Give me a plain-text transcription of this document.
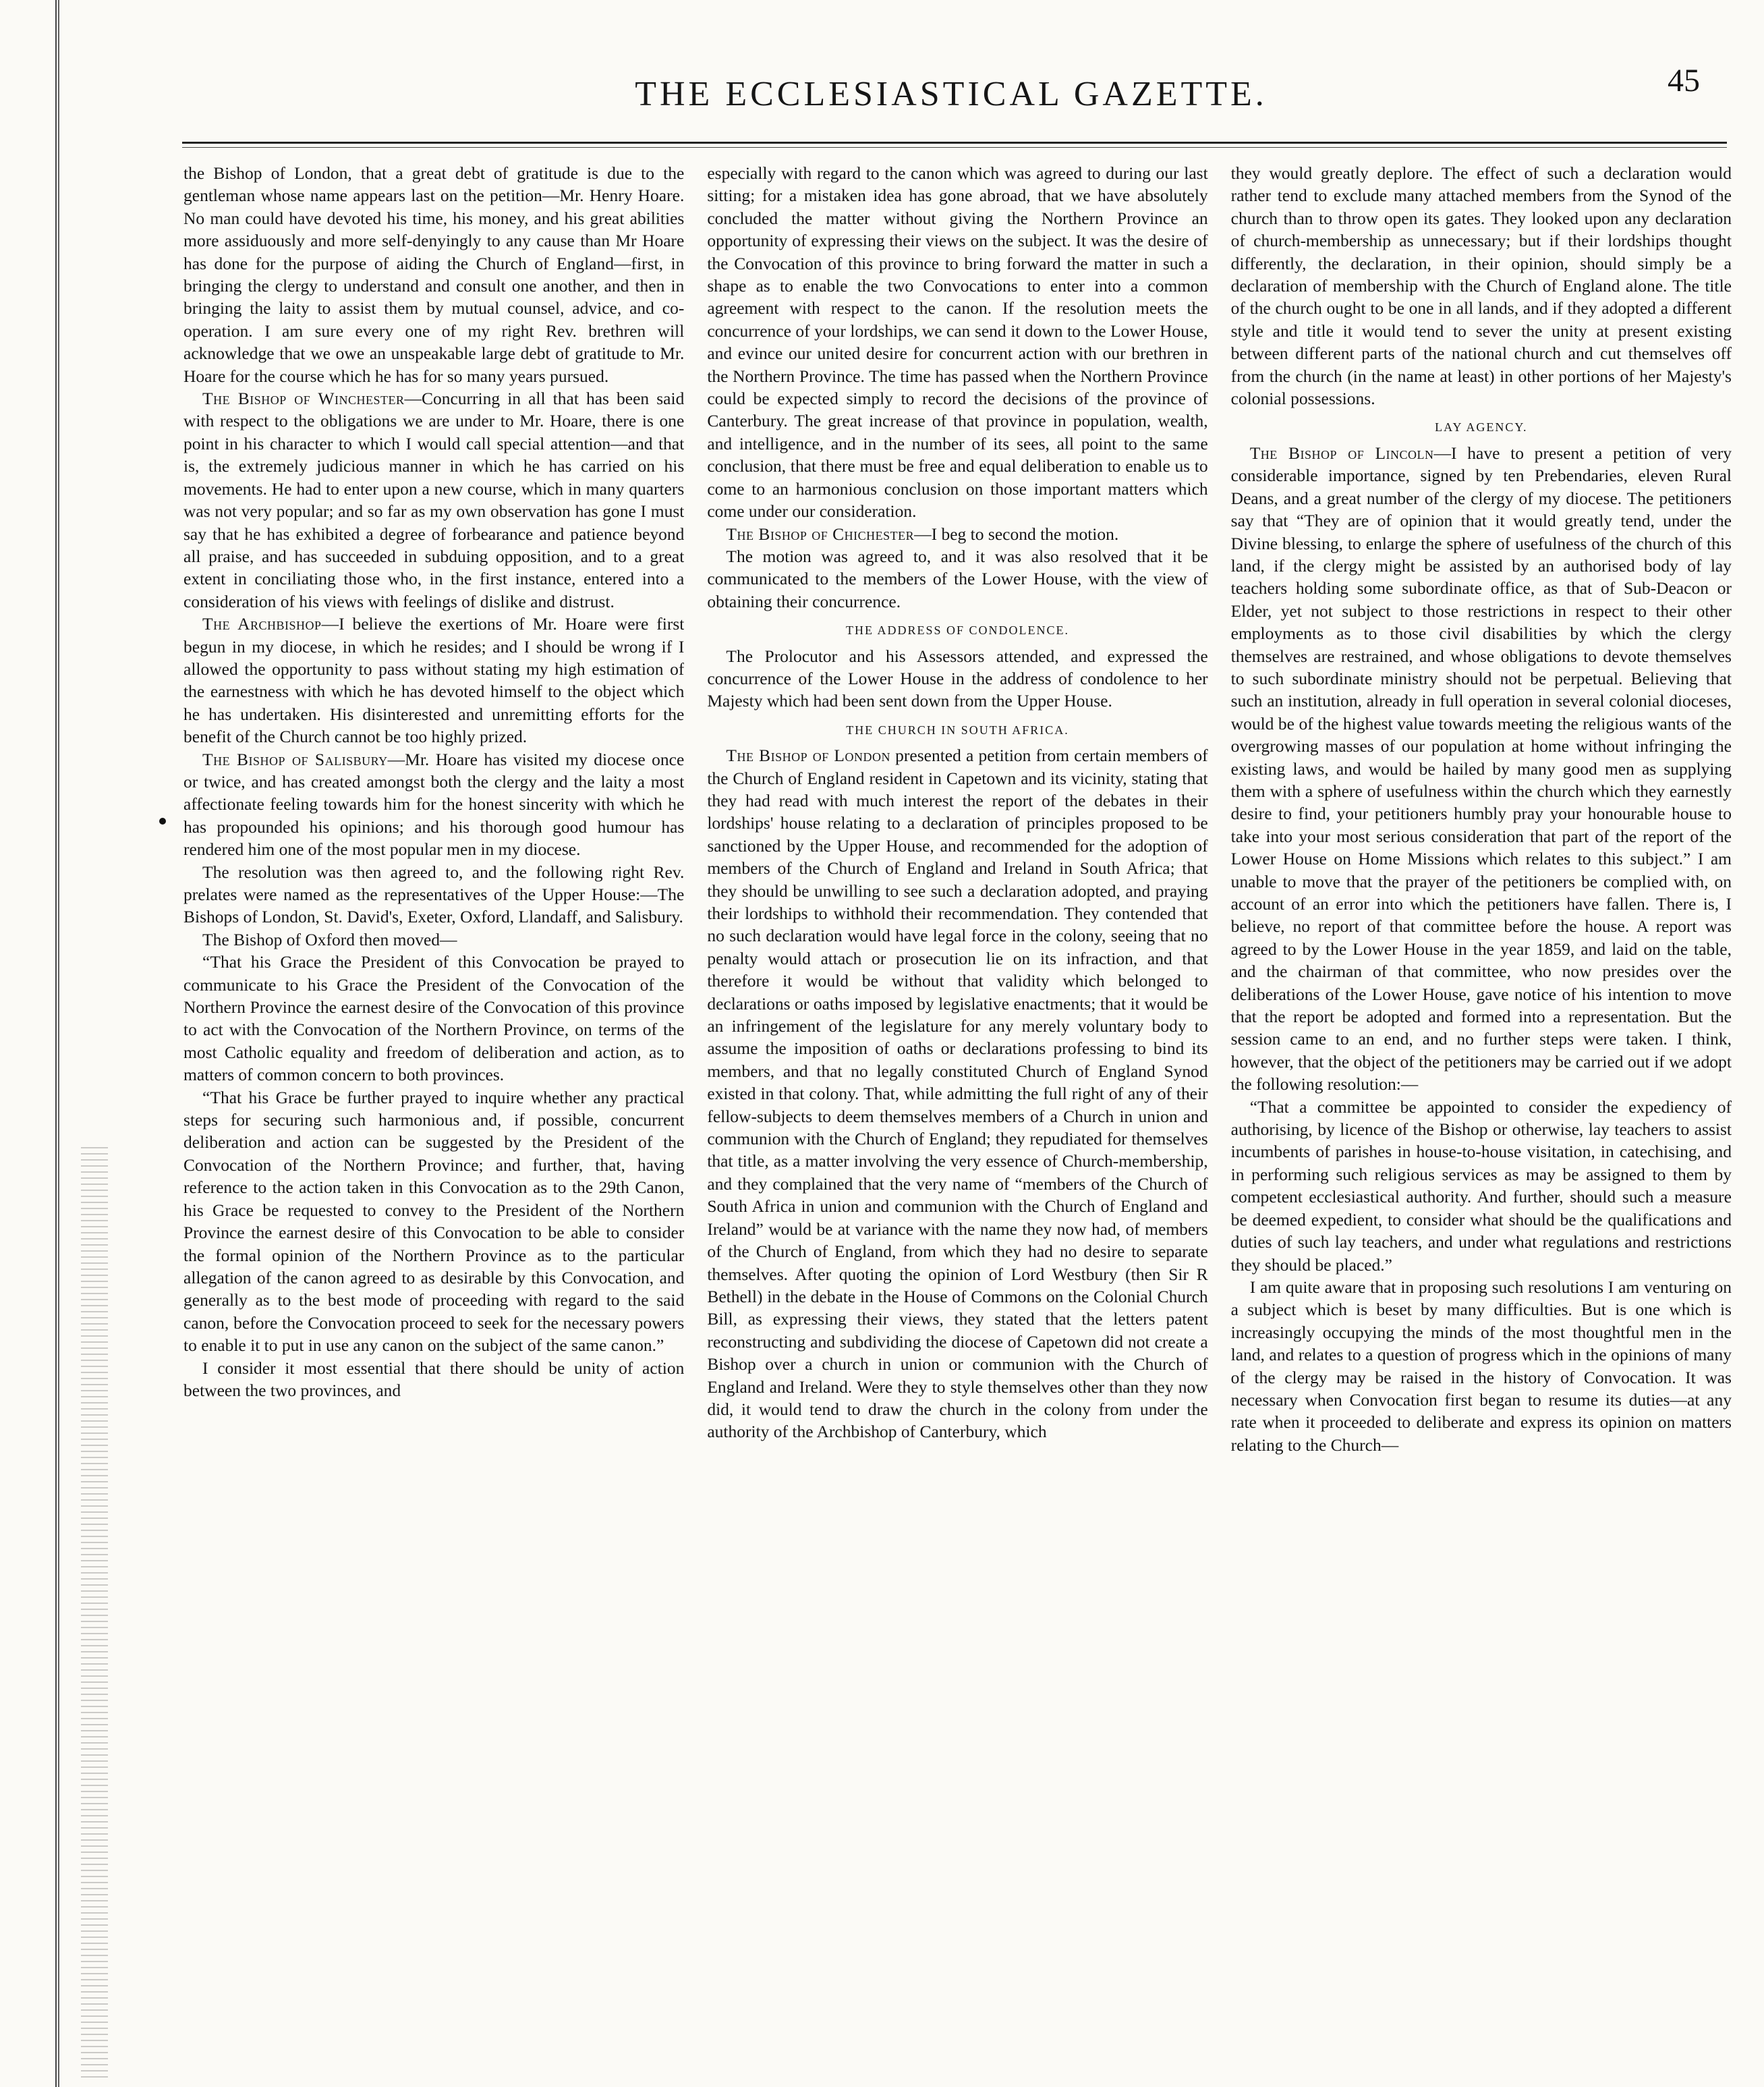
THE ECCLESIASTICAL GAZETTE.	45

the Bishop of London, that a great debt of gratitude is due to the gentleman whose name appears last on the petition—Mr. Henry Hoare. No man could have devoted his time, his money, and his great abilities more assiduously and more self-denyingly to any cause than Mr Hoare has done for the purpose of aiding the Church of England—first, in bringing the clergy to understand and consult one another, and then in bringing the laity to assist them by mutual counsel, advice, and co-operation. I am sure every one of my right Rev. brethren will acknowledge that we owe an unspeakable large debt of gratitude to Mr. Hoare for the course which he has for so many years pursued.

The Bishop of Winchester—Concurring in all that has been said with respect to the obligations we are under to Mr. Hoare, there is one point in his character to which I would call special attention—and that is, the extremely judicious manner in which he has carried on his movements. He had to enter upon a new course, which in many quarters was not very popular; and so far as my own observation has gone I must say that he has exhibited a degree of forbearance and patience beyond all praise, and has succeeded in subduing opposition, and to a great extent in conciliating those who, in the first instance, entered into a consideration of his views with feelings of dislike and distrust.

The Archbishop—I believe the exertions of Mr. Hoare were first begun in my diocese, in which he resides; and I should be wrong if I allowed the opportunity to pass without stating my high estimation of the earnestness with which he has devoted himself to the object which he has undertaken. His disinterested and unremitting efforts for the benefit of the Church cannot be too highly prized.

The Bishop of Salisbury—Mr. Hoare has visited my diocese once or twice, and has created amongst both the clergy and the laity a most affectionate feeling towards him for the honest sincerity with which he has propounded his opinions; and his thorough good humour has rendered him one of the most popular men in my diocese.

The resolution was then agreed to, and the following right Rev. prelates were named as the representatives of the Upper House:—The Bishops of London, St. David's, Exeter, Oxford, Llandaff, and Salisbury.

The Bishop of Oxford then moved—

“That his Grace the President of this Convocation be prayed to communicate to his Grace the President of the Convocation of the Northern Province the earnest desire of the Convocation of this province to act with the Convocation of the Northern Province, on terms of the most Catholic equality and freedom of deliberation and action, as to matters of common concern to both provinces.

“That his Grace be further prayed to inquire whether any practical steps for securing such harmonious and, if possible, concurrent deliberation and action can be suggested by the President of the Convocation of the Northern Province; and further, that, having reference to the action taken in this Convocation as to the 29th Canon, his Grace be requested to convey to the President of the Northern Province the earnest desire of this Convocation to be able to consider the formal opinion of the Northern Province as to the particular allegation of the canon agreed to as desirable by this Convocation, and generally as to the best mode of proceeding with regard to the said canon, before the Convocation proceed to seek for the necessary powers to enable it to put in use any canon on the subject of the same canon.”

I consider it most essential that there should be unity of action between the two provinces, and

especially with regard to the canon which was agreed to during our last sitting; for a mistaken idea has gone abroad, that we have absolutely concluded the matter without giving the Northern Province an opportunity of expressing their views on the subject. It was the desire of the Convocation of this province to bring forward the matter in such a shape as to enable the two Convocations to enter into a common agreement with respect to the canon. If the resolution meets the concurrence of your lordships, we can send it down to the Lower House, and evince our united desire for concurrent action with our brethren in the Northern Province. The time has passed when the Northern Province could be expected simply to record the decisions of the province of Canterbury. The great increase of that province in population, wealth, and intelligence, and in the number of its sees, all point to the same conclusion, that there must be free and equal deliberation to enable us to come to an harmonious conclusion on those important matters which come under our consideration.

The Bishop of Chichester—I beg to second the motion.

The motion was agreed to, and it was also resolved that it be communicated to the members of the Lower House, with the view of obtaining their concurrence.

THE ADDRESS OF CONDOLENCE.

The Prolocutor and his Assessors attended, and expressed the concurrence of the Lower House in the address of condolence to her Majesty which had been sent down from the Upper House.

THE CHURCH IN SOUTH AFRICA.

The Bishop of London presented a petition from certain members of the Church of England resident in Capetown and its vicinity, stating that they had read with much interest the report of the debates in their lordships' house relating to a declaration of principles proposed to be sanctioned by the Upper House, and recommended for the adoption of members of the Church of England and Ireland in South Africa; that they should be unwilling to see such a declaration adopted, and praying their lordships to withhold their recommendation. They contended that no such declaration would have legal force in the colony, seeing that no penalty would attach or prosecution lie on its infraction, and that therefore it would be without that validity which belonged to declarations or oaths imposed by legislative enactments; that it would be an infringement of the legislature for any merely voluntary body to assume the imposition of oaths or declarations professing to bind its members, and that no legally constituted Church of England Synod existed in that colony. That, while admitting the full right of any of their fellow-subjects to deem themselves members of a Church in union and communion with the Church of England; they repudiated for themselves that title, as a matter involving the very essence of Church-membership, and they complained that the very name of “members of the Church of South Africa in union and communion with the Church of England and Ireland” would be at variance with the name they now had, of members of the Church of England, from which they had no desire to separate themselves. After quoting the opinion of Lord Westbury (then Sir R Bethell) in the debate in the House of Commons on the Colonial Church Bill, as expressing their views, they stated that the letters patent reconstructing and subdividing the diocese of Capetown did not create a Bishop over a church in union or communion with the Church of England and Ireland. Were they to style themselves other than they now did, it would tend to draw the church in the colony from under the authority of the Archbishop of Canterbury, which

they would greatly deplore. The effect of such a declaration would rather tend to exclude many attached members from the Synod of the church than to throw open its gates. They looked upon any declaration of church-membership as unnecessary; but if their lordships thought differently, the declaration, in their opinion, should simply be a declaration of membership with the Church of England alone. The title of the church ought to be one in all lands, and if they adopted a different style and title it would tend to sever the unity at present existing between different parts of the national church and cut themselves off from the church (in the name at least) in other portions of her Majesty's colonial possessions.

LAY AGENCY.

The Bishop of Lincoln—I have to present a petition of very considerable importance, signed by ten Prebendaries, eleven Rural Deans, and a great number of the clergy of my diocese. The petitioners say that “They are of opinion that it would greatly tend, under the Divine blessing, to enlarge the sphere of usefulness of the church of this land, if the clergy might be assisted by an authorised body of lay teachers holding some subordinate office, as that of Sub-Deacon or Elder, yet not subject to those restrictions in respect to their other employments as to those civil disabilities by which the clergy themselves are restrained, and whose obligations to devote themselves to such subordinate ministry should not be perpetual. Believing that such an institution, already in full operation in several colonial dioceses, would be of the highest value towards meeting the religious wants of the overgrowing masses of our population at home without infringing the existing laws, and would be hailed by many good men as supplying them with a sphere of usefulness within the church which they earnestly desire to find, your petitioners humbly pray your honourable house to take into your most serious consideration that part of the report of the Lower House on Home Missions which relates to this subject.” I am unable to move that the prayer of the petitioners be complied with, on account of an error into which the petitioners have fallen. There is, I believe, no report of that committee before the house. A report was agreed to by the Lower House in the year 1859, and laid on the table, and the chairman of that committee, who now presides over the deliberations of the Lower House, gave notice of his intention to move that the report be adopted and formed into a representation. But the session came to an end, and no further steps were taken. I think, however, that the object of the petitioners may be carried out if we adopt the following resolution:—

“That a committee be appointed to consider the expediency of authorising, by licence of the Bishop or otherwise, lay teachers to assist incumbents of parishes in house-to-house visitation, in catechising, and in performing such religious services as may be assigned to them by competent ecclesiastical authority. And further, should such a measure be deemed expedient, to consider what should be the qualifications and duties of such lay teachers, and under what regulations and restrictions they should be placed.”

I am quite aware that in proposing such resolutions I am venturing on a subject which is beset by many difficulties. But is one which is increasingly occupying the minds of the most thoughtful men in the land, and relates to a question of progress which in the opinions of many of the clergy may be raised in the history of Convocation. It was necessary when Convocation first began to resume its duties—at any rate when it proceeded to deliberate and express its opinion on matters relating to the Church—
